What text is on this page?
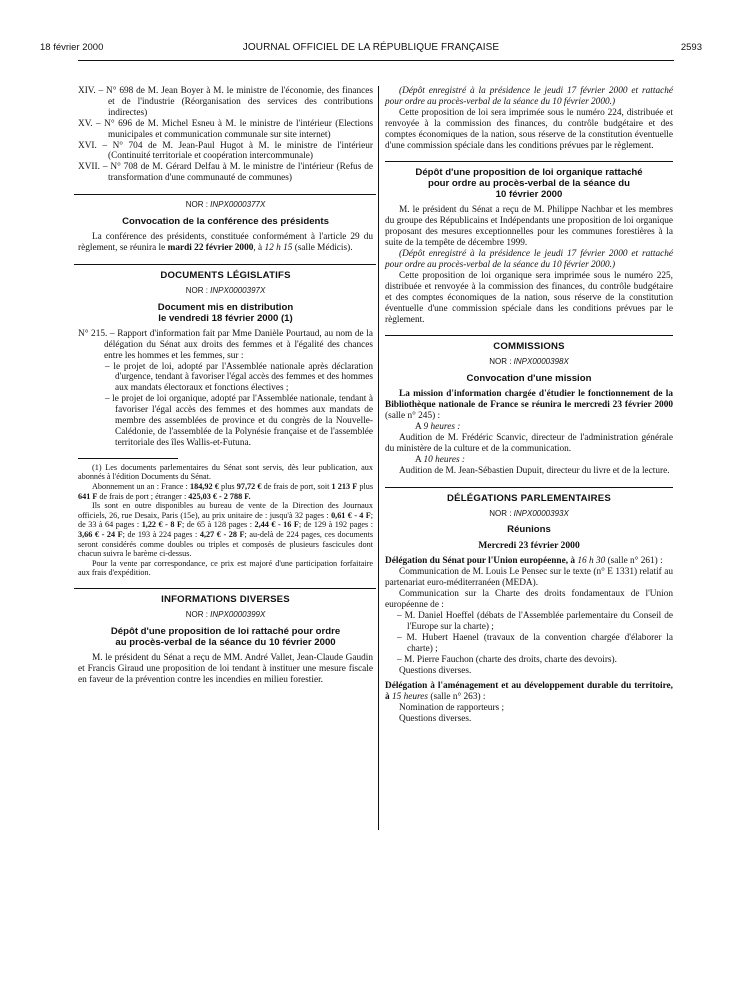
18 février 2000	JOURNAL OFFICIEL DE LA RÉPUBLIQUE FRANÇAISE	2593

XIV. – N° 698 de M. Jean Boyer à M. le ministre de l'économie, des finances et de l'industrie (Réorganisation des services des contributions indirectes)

XV. – N° 696 de M. Michel Esneu à M. le ministre de l'intérieur (Elections municipales et communication communale sur site internet)

XVI. – N° 704 de M. Jean-Paul Hugot à M. le ministre de l'intérieur (Continuité territoriale et coopération intercommunale)

XVII. – N° 708 de M. Gérard Delfau à M. le ministre de l'intérieur (Refus de transformation d'une communauté de communes)

NOR : INPX0000377X

Convocation de la conférence des présidents

La conférence des présidents, constituée conformément à l'article 29 du règlement, se réunira le mardi 22 février 2000, à 12 h 15 (salle Médicis).

DOCUMENTS LÉGISLATIFS

NOR : INPX0000397X

Document mis en distribution
le vendredi 18 février 2000 (1)

N° 215. – Rapport d'information fait par Mme Danièle Pourtaud, au nom de la délégation du Sénat aux droits des femmes et à l'égalité des chances entre les hommes et les femmes, sur :

– le projet de loi, adopté par l'Assemblée nationale après déclaration d'urgence, tendant à favoriser l'égal accès des femmes et des hommes aux mandats électoraux et fonctions électives ;

– le projet de loi organique, adopté par l'Assemblée nationale, tendant à favoriser l'égal accès des femmes et des hommes aux mandats de membre des assemblées de province et du congrès de la Nouvelle-Calédonie, de l'assemblée de la Polynésie française et de l'assemblée territoriale des îles Wallis-et-Futuna.

(1) Les documents parlementaires du Sénat sont servis, dès leur publication, aux abonnés à l'édition Documents du Sénat.

Abonnement un an : France : 184,92 € plus 97,72 € de frais de port, soit 1 213 F plus 641 F de frais de port ; étranger : 425,03 € - 2 788 F.

Ils sont en outre disponibles au bureau de vente de la Direction des Journaux officiels, 26, rue Desaix, Paris (15e), au prix unitaire de : jusqu'à 32 pages : 0,61 € - 4 F; de 33 à 64 pages : 1,22 € - 8 F; de 65 à 128 pages : 2,44 € - 16 F; de 129 à 192 pages : 3,66 € - 24 F; de 193 à 224 pages : 4,27 € - 28 F; au-delà de 224 pages, ces documents seront considérés comme doubles ou triples et composés de plusieurs fascicules dont chacun suivra le barème ci-dessus.

Pour la vente par correspondance, ce prix est majoré d'une participation forfaitaire aux frais d'expédition.

INFORMATIONS DIVERSES

NOR : INPX0000399X

Dépôt d'une proposition de loi rattaché pour ordre
au procès-verbal de la séance du 10 février 2000

M. le président du Sénat a reçu de MM. André Vallet, Jean-Claude Gaudin et Francis Giraud une proposition de loi tendant à instituer une mesure fiscale en faveur de la prévention contre les incendies en milieu forestier.

(Dépôt enregistré à la présidence le jeudi 17 février 2000 et rattaché pour ordre au procès-verbal de la séance du 10 février 2000.)

Cette proposition de loi sera imprimée sous le numéro 224, distribuée et renvoyée à la commission des finances, du contrôle budgétaire et des comptes économiques de la nation, sous réserve de la constitution éventuelle d'une commission spéciale dans les conditions prévues par le règlement.

Dépôt d'une proposition de loi organique rattaché
pour ordre au procès-verbal de la séance du
10 février 2000

M. le président du Sénat a reçu de M. Philippe Nachbar et les membres du groupe des Républicains et Indépendants une proposition de loi organique proposant des mesures exceptionnelles pour les communes forestières à la suite de la tempête de décembre 1999.

(Dépôt enregistré à la présidence le jeudi 17 février 2000 et rattaché pour ordre au procès-verbal de la séance du 10 février 2000.)

Cette proposition de loi organique sera imprimée sous le numéro 225, distribuée et renvoyée à la commission des finances, du contrôle budgétaire et des comptes économiques de la nation, sous réserve de la constitution éventuelle d'une commission spéciale dans les conditions prévues par le règlement.

COMMISSIONS

NOR : INPX0000398X

Convocation d'une mission

La mission d'information chargée d'étudier le fonctionnement de la Bibliothèque nationale de France se réunira le mercredi 23 février 2000 (salle n° 245) :

A 9 heures :

Audition de M. Frédéric Scanvic, directeur de l'administration générale du ministère de la culture et de la communication.

A 10 heures :

Audition de M. Jean-Sébastien Dupuit, directeur du livre et de la lecture.

DÉLÉGATIONS PARLEMENTAIRES

NOR : INPX0000393X

Réunions

Mercredi 23 février 2000

Délégation du Sénat pour l'Union européenne, à 16 h 30 (salle n° 261) :

Communication de M. Louis Le Pensec sur le texte (n° E 1331) relatif au partenariat euro-méditerranéen (MEDA).

Communication sur la Charte des droits fondamentaux de l'Union européenne de :

– M. Daniel Hoeffel (débats de l'Assemblée parlementaire du Conseil de l'Europe sur la charte) ;

– M. Hubert Haenel (travaux de la convention chargée d'élaborer la charte) ;

– M. Pierre Fauchon (charte des droits, charte des devoirs).

Questions diverses.

Délégation à l'aménagement et au développement durable du territoire, à 15 heures (salle n° 263) :

Nomination de rapporteurs ;

Questions diverses.
